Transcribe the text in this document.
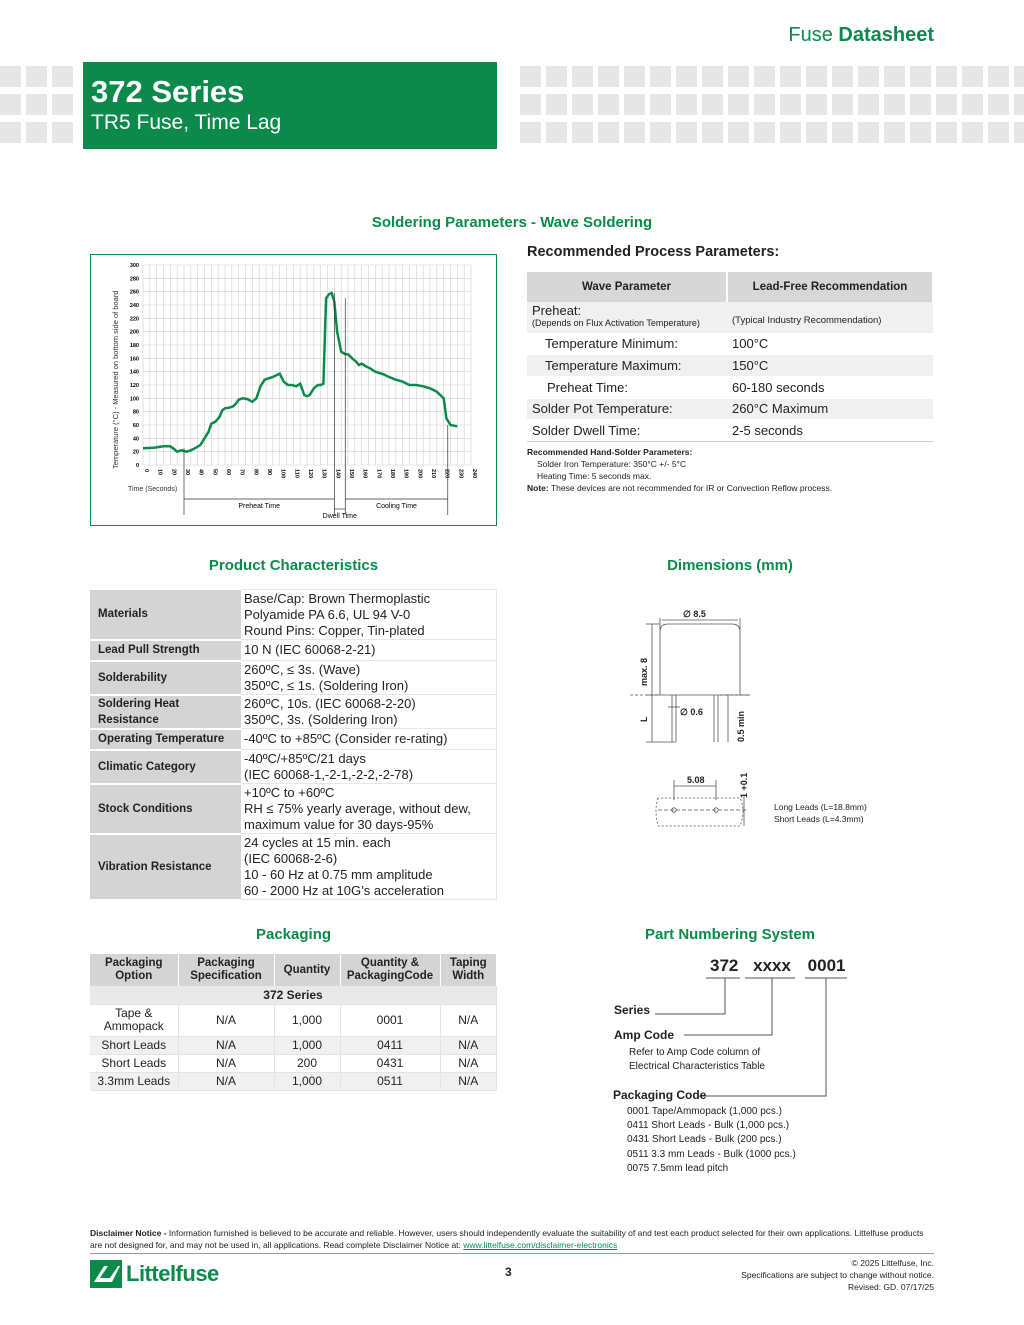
Fuse Datasheet
372 Series
TR5 Fuse, Time Lag
Soldering Parameters - Wave Soldering
0
20
40
60
80
100
120
140
160
180
200
220
240
260
280
300
0 10 20 30 40 50 60 70 80 90 100 110 120 130 140 150 160 170 180 190 200 210 220 230 240
Temperature (°C) - Measured on bottom side of board
Time (Seconds)
Preheat Time
Dwell Time
Cooling Time
Recommended Process Parameters:
Wave Parameter	Lead-Free Recommendation

Preheat:
(Depends on Flux Activation Temperature)	(Typical Industry Recommendation)
Temperature Minimum:	100°C
Temperature Maximum:	150°C
Preheat Time:	60-180 seconds
Solder Pot Temperature:	260°C Maximum
Solder Dwell Time:	2-5 seconds
Recommended Hand-Solder Parameters:
Solder Iron Temperature: 350°C +/- 5°C
Heating Time: 5 seconds max.
Note: These devices are not recommended for IR or Convection Reflow process.
Product Characteristics
Materials	Base/Cap: Brown Thermoplastic
Polyamide PA 6.6, UL 94 V-0
Round Pins: Copper, Tin-plated

Lead Pull Strength	10 N (IEC 60068-2-21)

Solderability	260ºC, ≤ 3s. (Wave)
350ºC, ≤ 1s. (Soldering Iron)

Soldering Heat Resistance	260ºC, 10s. (IEC 60068-2-20)
350ºC, 3s. (Soldering Iron)

Operating Temperature	-40ºC to +85ºC (Consider re-rating)

Climatic Category	-40ºC/+85ºC/21 days
(IEC 60068-1,-2-1,-2-2,-2-78)

Stock Conditions	+10ºC to +60ºC
RH ≤ 75% yearly average, without dew,
maximum value for 30 days-95%

Vibration Resistance	24 cycles at 15 min. each
(IEC 60068-2-6)
10 - 60 Hz at 0.75 mm amplitude
60 - 2000 Hz at 10G’s acceleration
Dimensions (mm)
∅ 8.5
max. 8
L
∅ 0.6	0.5 min
5.08	1 +0.1
Long Leads (L=18.8mm)
Short Leads (L=4.3mm)
Packaging
Packaging Option	Packaging Specification	Quantity	Quantity & PackagingCode	Taping Width
372 Series				
Tape & Ammopack	N/A	1,000	0001	N/A
Short Leads	N/A	1,000	0411	N/A
Short Leads	N/A	200	0431	N/A
3.3mm Leads	N/A	1,000	0511	N/A
Part Numbering System
372 xxxx 0001
Series
Amp Code
Refer to Amp Code column of
Electrical Characteristics Table
Packaging Code
0001 Tape/Ammopack (1,000 pcs.)
0411 Short Leads - Bulk (1,000 pcs.)
0431 Short Leads - Bulk (200 pcs.)
0511 3.3 mm Leads - Bulk (1000 pcs.)
0075 7.5mm lead pitch
Disclaimer Notice - Information furnished is believed to be accurate and reliable. However, users should independently evaluate the suitability of and test each product selected for their own applications. Littelfuse products are not designed for, and may not be used in, all applications. Read complete Disclaimer Notice at: www.littelfuse.com/disclaimer-electronics
Littelfuse	3
© 2025 Littelfuse, Inc.
Specifications are subject to change without notice.
Revised: GD. 07/17/25
